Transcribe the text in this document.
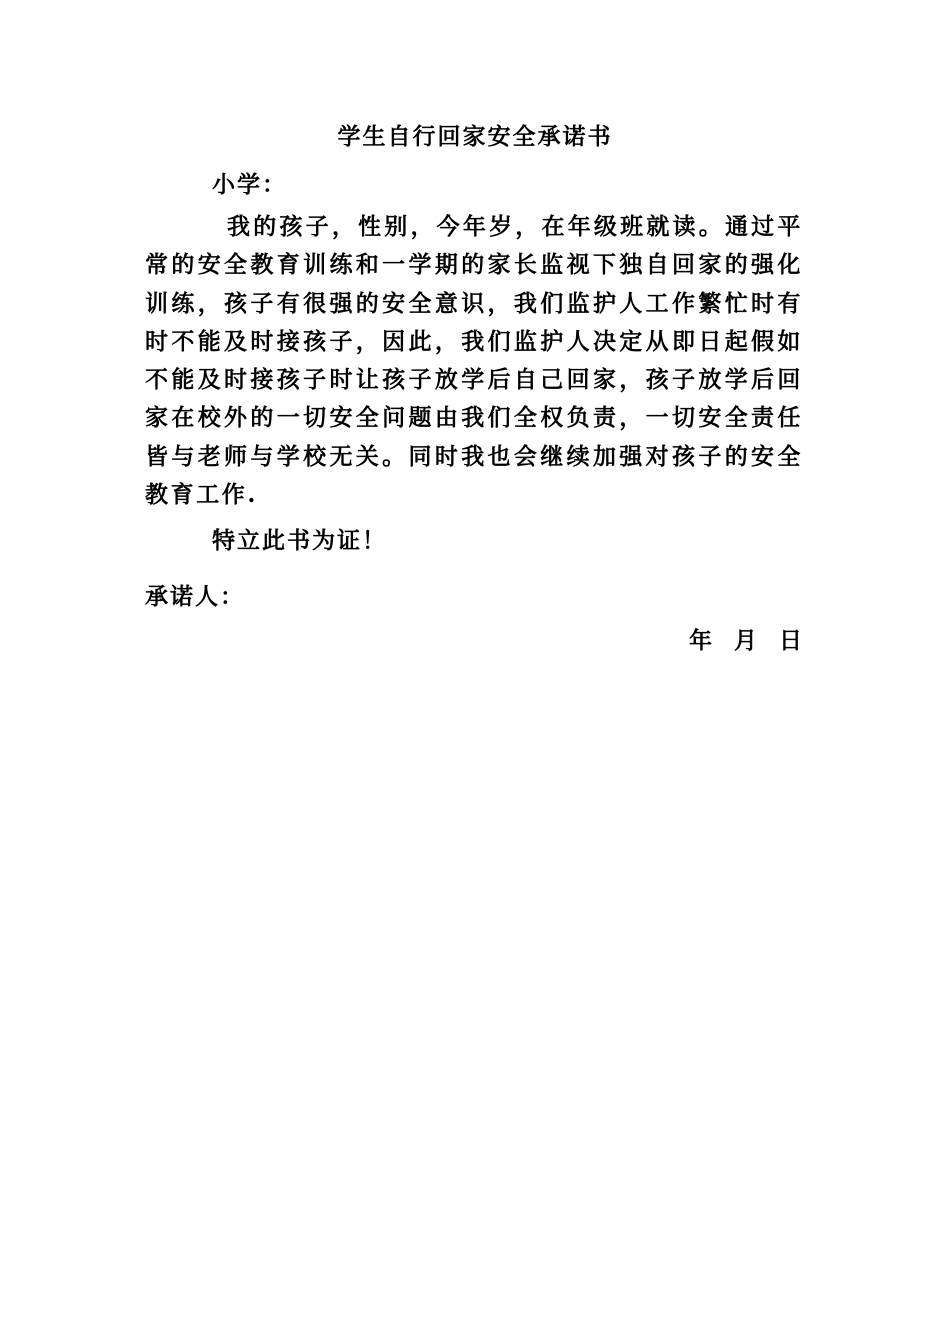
学生自行回家安全承诺书
小学：

我的孩子，性别，今年岁，在年级班就读。通过平常的安全教育训练和一学期的家长监视下独自回家的强化训练，孩子有很强的安全意识，我们监护人工作繁忙时有时不能及时接孩子，因此，我们监护人决定从即日起假如不能及时接孩子时让孩子放学后自己回家，孩子放学后回家在校外的一切安全问题由我们全权负责，一切安全责任皆与老师与学校无关。同时我也会继续加强对孩子的安全教育工作.

特立此书为证！
承诺人：
年  月  日
